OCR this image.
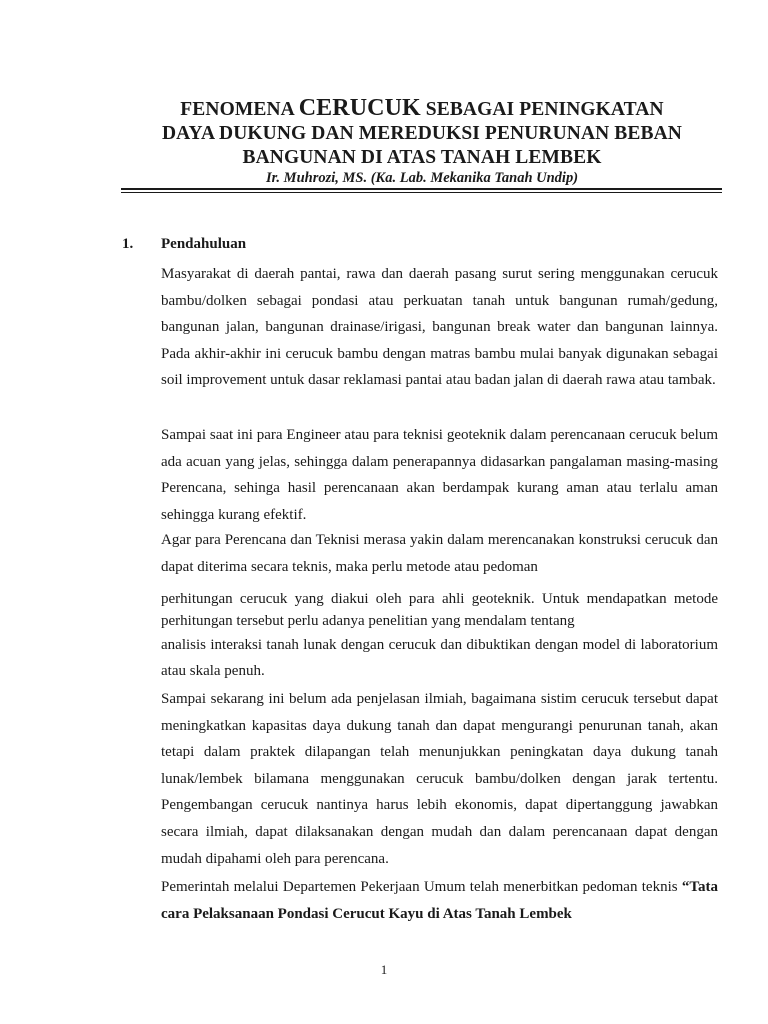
FENOMENA CERUCUK SEBAGAI PENINGKATAN
DAYA DUKUNG DAN MEREDUKSI PENURUNAN BEBAN
BANGUNAN DI ATAS TANAH LEMBEK
Ir. Muhrozi, MS. (Ka. Lab. Mekanika Tanah Undip)
1. Pendahuluan

Masyarakat di daerah pantai, rawa dan daerah pasang surut sering menggunakan cerucuk bambu/dolken sebagai pondasi atau perkuatan tanah untuk bangunan rumah/gedung, bangunan jalan, bangunan drainase/irigasi, bangunan break water dan bangunan lainnya. Pada akhir-akhir ini cerucuk bambu dengan matras bambu mulai banyak digunakan sebagai soil improvement untuk dasar reklamasi pantai atau badan jalan di daerah rawa atau tambak.

Sampai saat ini para Engineer atau para teknisi geoteknik dalam perencanaan cerucuk belum ada acuan yang jelas, sehingga dalam penerapannya didasarkan pangalaman masing-masing Perencana, sehinga hasil perencanaan akan berdampak kurang aman atau terlalu aman sehingga kurang efektif.

Agar para Perencana dan Teknisi merasa yakin dalam merencanakan konstruksi cerucuk dan dapat diterima secara teknis, maka perlu metode atau pedoman

perhitungan cerucuk yang diakui oleh para ahli geoteknik. Untuk mendapatkan metode perhitungan tersebut perlu adanya penelitian yang mendalam tentang

analisis interaksi tanah lunak dengan cerucuk dan dibuktikan dengan model di laboratorium atau skala penuh.

Sampai sekarang ini belum ada penjelasan ilmiah, bagaimana sistim cerucuk tersebut dapat meningkatkan kapasitas daya dukung tanah dan dapat mengurangi penurunan tanah, akan tetapi dalam praktek dilapangan telah menunjukkan peningkatan daya dukung tanah lunak/lembek bilamana menggunakan cerucuk bambu/dolken dengan jarak tertentu. Pengembangan cerucuk nantinya harus lebih ekonomis, dapat dipertanggung jawabkan secara ilmiah, dapat dilaksanakan dengan mudah dan dalam perencanaan dapat dengan mudah dipahami oleh para perencana.

Pemerintah melalui Departemen Pekerjaan Umum telah menerbitkan pedoman teknis “Tata cara Pelaksanaan Pondasi Cerucut Kayu di Atas Tanah Lembek

1
